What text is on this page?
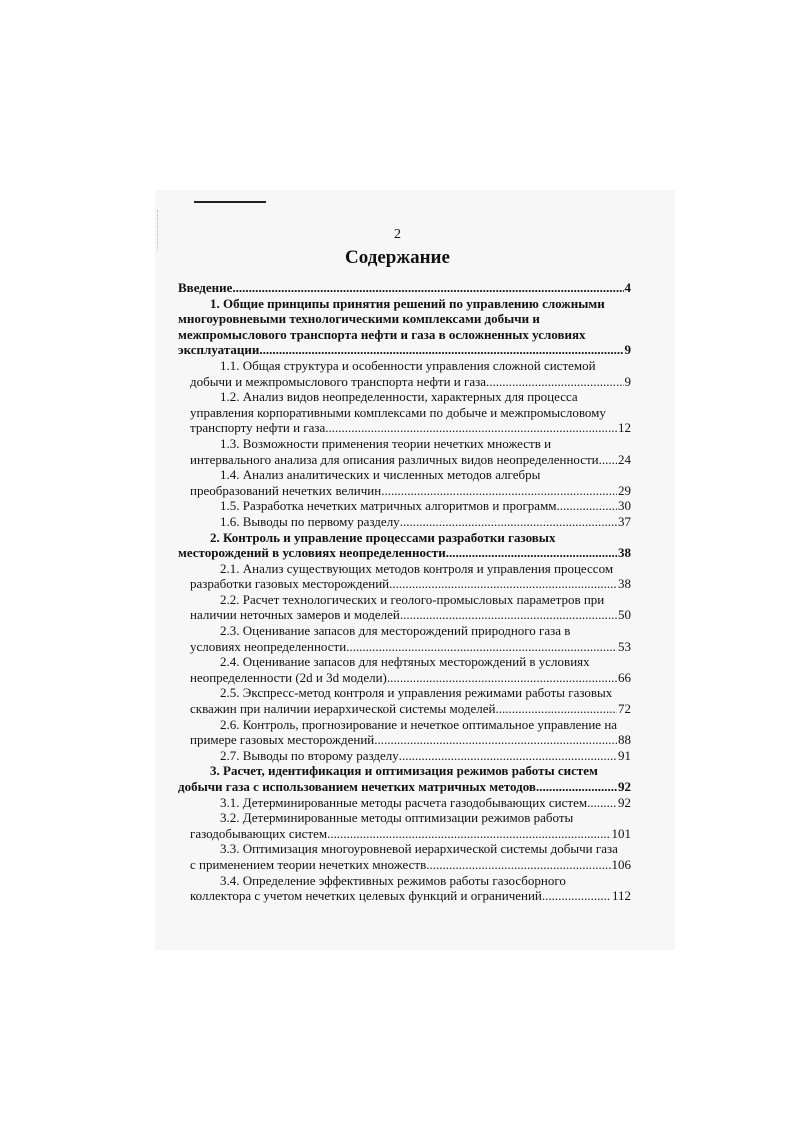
2
Содержание
Введение .....	4
1. Общие принципы принятия решений по управлению сложными
многоуровневыми технологическими комплексами добычи и
межпромыслового транспорта нефти и газа в осложненных условиях
эксплуатации .....	9
1.1. Общая структура и особенности управления сложной системой
добычи и межпромыслового транспорта нефти и газа .....	9
1.2. Анализ видов неопределенности, характерных для процесса
управления корпоративными комплексами по добыче и межпромысловому
транспорту нефти и газа .....	12
1.3. Возможности применения теории нечетких множеств и
интервального анализа для описания различных видов неопределенности ..... 24
1.4. Анализ аналитических и численных методов алгебры
преобразований нечетких величин .....	29
1.5. Разработка нечетких матричных алгоритмов и программ .....	30
1.6. Выводы по первому разделу .....	37
2. Контроль и управление процессами разработки газовых
месторождений в условиях неопределенности .....	38
2.1. Анализ существующих методов контроля и управления процессом
разработки газовых месторождений .....	38
2.2. Расчет технологических и геолого-промысловых параметров при
наличии неточных замеров и моделей .....	50
2.3. Оценивание запасов для месторождений природного газа в
условиях неопределенности .....	53
2.4. Оценивание запасов для нефтяных месторождений в условиях
неопределенности (2d и 3d модели) .....	66
2.5. Экспресс-метод контроля и управления режимами работы газовых
скважин при наличии иерархической системы моделей .....	72
2.6. Контроль, прогнозирование и нечеткое оптимальное управление на
примере газовых месторождений .....	88
2.7. Выводы по второму разделу .....	91
3. Расчет, идентификация и оптимизация режимов работы систем
добычи газа с использованием нечетких матричных методов .....	92
3.1. Детерминированные методы расчета газодобывающих систем ..... 92
3.2. Детерминированные методы оптимизации режимов работы
газодобывающих систем .....	101
3.3. Оптимизация многоуровневой иерархической системы добычи газа
с применением теории нечетких множеств .....	106
3.4. Определение эффективных режимов работы газосборного
коллектора с учетом нечетких целевых функций и ограничений .....	112
